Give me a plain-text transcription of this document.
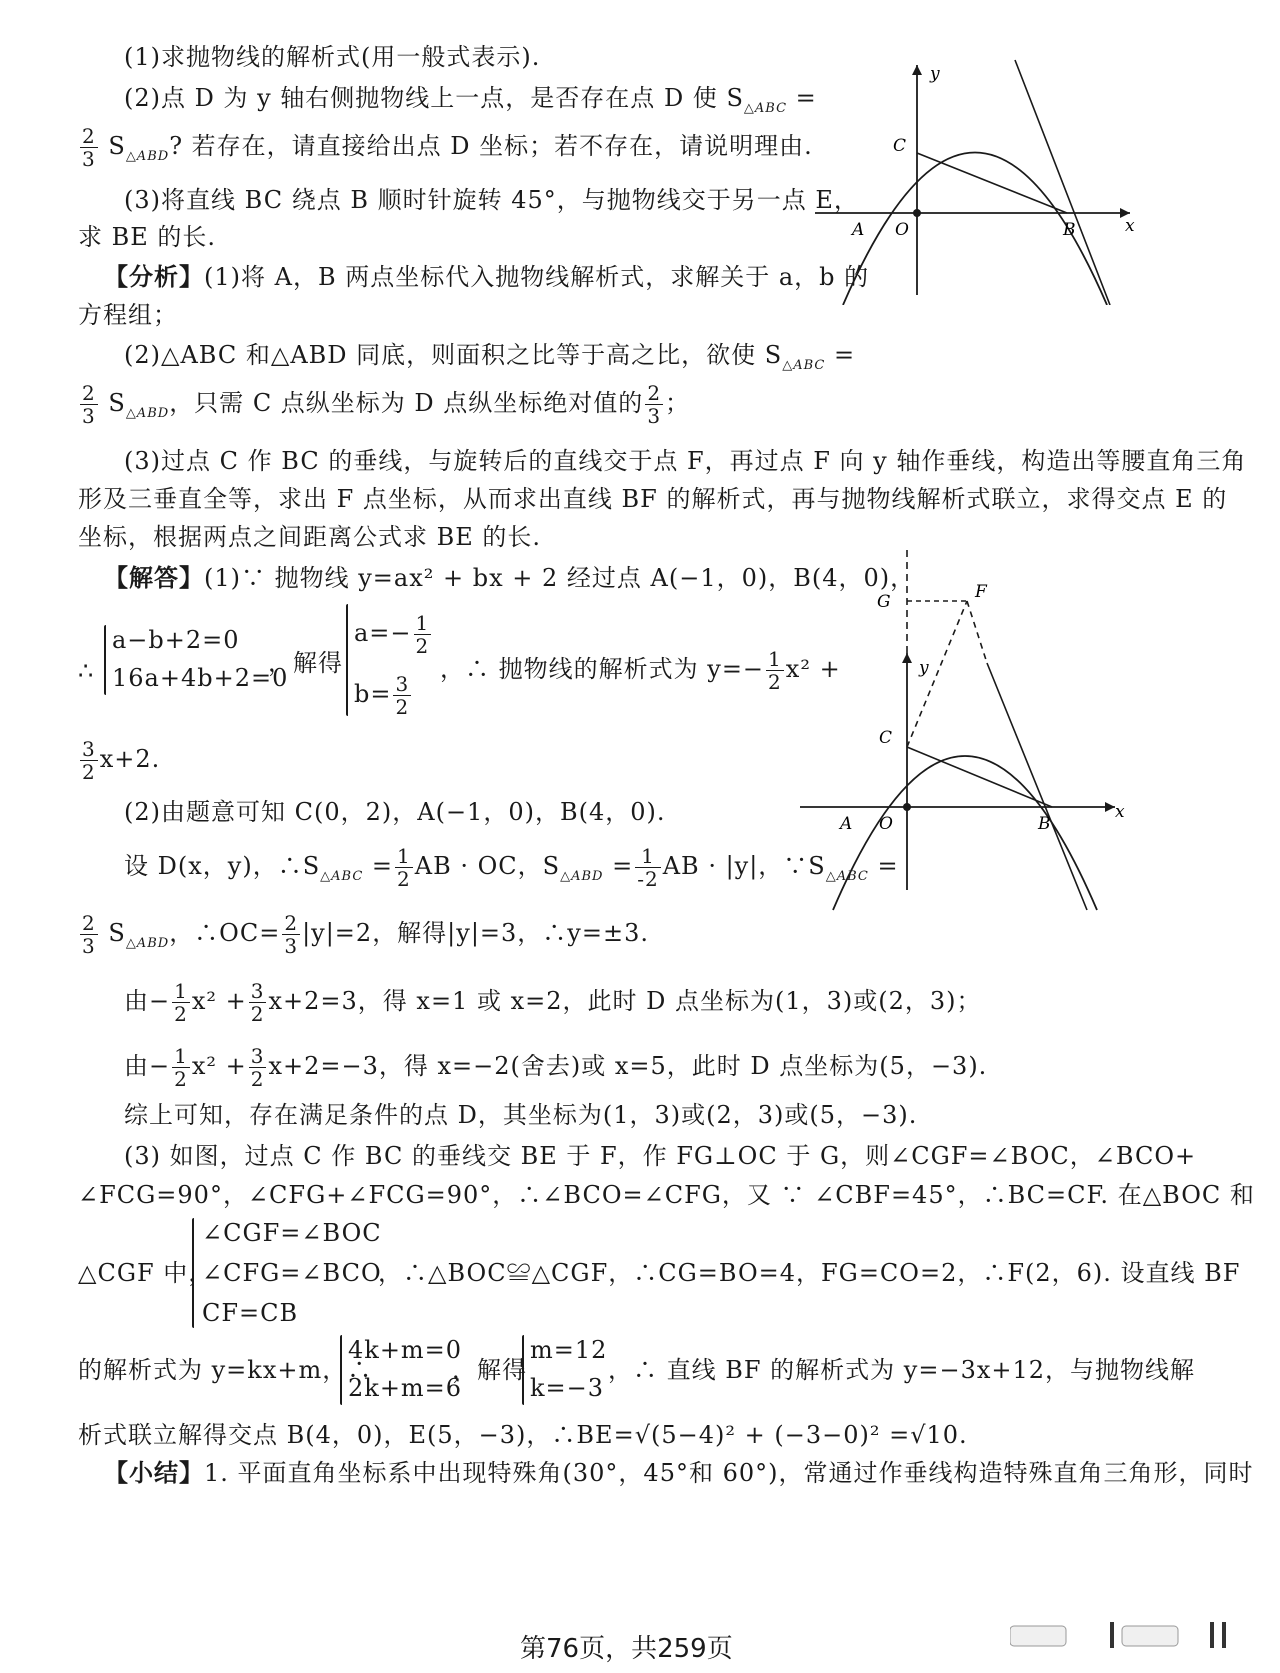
(1)求抛物线的解析式(用一般式表示).
(2)点 D 为 y 轴右侧抛物线上一点，是否存在点 D 使 $S_{\triangle ABC}$ =
$\frac{2}{3} S_{\triangle ABD}$? 若存在，请直接给出点 D 坐标；若不存在，请说明理由.
(3)将直线 BC 绕点 B 顺时针旋转 45°，与抛物线交于另一点 E，
求 BE 的长.
【分析】(1)将 A，B 两点坐标代入抛物线解析式，求解关于 a，b 的
方程组；
(2)△ABC 和△ABD 同底，则面积之比等于高之比，欲使 $S_{\triangle ABC}$ =
$\frac{2}{3} S_{\triangle ABD}$，只需 C 点纵坐标为 D 点纵坐标绝对值的 $\frac{2}{3}$ ；
(3)过点 C 作 BC 的垂线，与旋转后的直线交于点 F，再过点 F 向 y 轴作垂线，构造出等腰直角三角
形及三垂直全等，求出 F 点坐标，从而求出直线 BF 的解析式，再与抛物线解析式联立，求得交点 E 的
坐标，根据两点之间距离公式求 BE 的长.
【解答】(1)∵ 抛物线 y=ax² + bx + 2 经过点 A(−1，0)，B(4，0)，
∴
a−b+2=0
16a+4b+2=0
，解得
$a=- \frac{1}{2}$
$b= \frac{3}{2}$
，∴ 抛物线的解析式为 $y=- \frac{1}{2} x^2$ +
$\frac{3}{2} x+2$.
(2)由题意可知 C(0，2)，A(−1，0)，B(4，0).
设 D(x，y)，$\therefore S_{\triangle ABC} = \frac{1}{2}$ AB · OC，$S_{\triangle ABD} = \frac{1}{-2}$ AB · |y|，$\because S_{\triangle ABC}$ =
$\frac{2}{3} S_{\triangle ABD}$，∴OC= $\frac{2}{3} |y|=2$，解得|y|=3，∴y=±3.
由− $\frac{1}{2} x^2 + \frac{3}{2} x+2=3$，得 x=1 或 x=2，此时 D 点坐标为(1，3)或(2，3)；
由− $\frac{1}{2} x^2 + \frac{3}{2} x+2=-3$，得 x=−2(舍去)或 x=5，此时 D 点坐标为(5，−3).
综上可知，存在满足条件的点 D，其坐标为(1，3)或(2，3)或(5，−3).
(3) 如图，过点 C 作 BC 的垂线交 BE 于 F，作 FG⊥OC 于 G，则∠CGF=∠BOC，∠BCO+
∠FCG=90°，∠CFG+∠FCG=90°，∴∠BCO=∠CFG，又 ∵ ∠CBF=45°，∴BC=CF. 在△BOC 和
△CGF 中，
∠CGF=∠BOC
∠CFG=∠BCO
CF=CB
，∴△BOC≌△CGF，∴CG=BO=4，FG=CO=2，∴F(2，6). 设直线 BF
的解析式为 y=kx+m，∴
4k+m=0
2k+m=6
，解得
m=12
k=−3
，∴ 直线 BF 的解析式为 y=−3x+12，与抛物线解
析式联立解得交点 B(4，0)，E(5，−3)，∴BE=√(5−4)² + (−3−0)² =√10.
【小结】1. 平面直角坐标系中出现特殊角(30°，45°和 60°)，常通过作垂线构造特殊直角三角形，同时
y
x
C
A O	B
y
x
G	F
C
A O	B
第76页，共259页
